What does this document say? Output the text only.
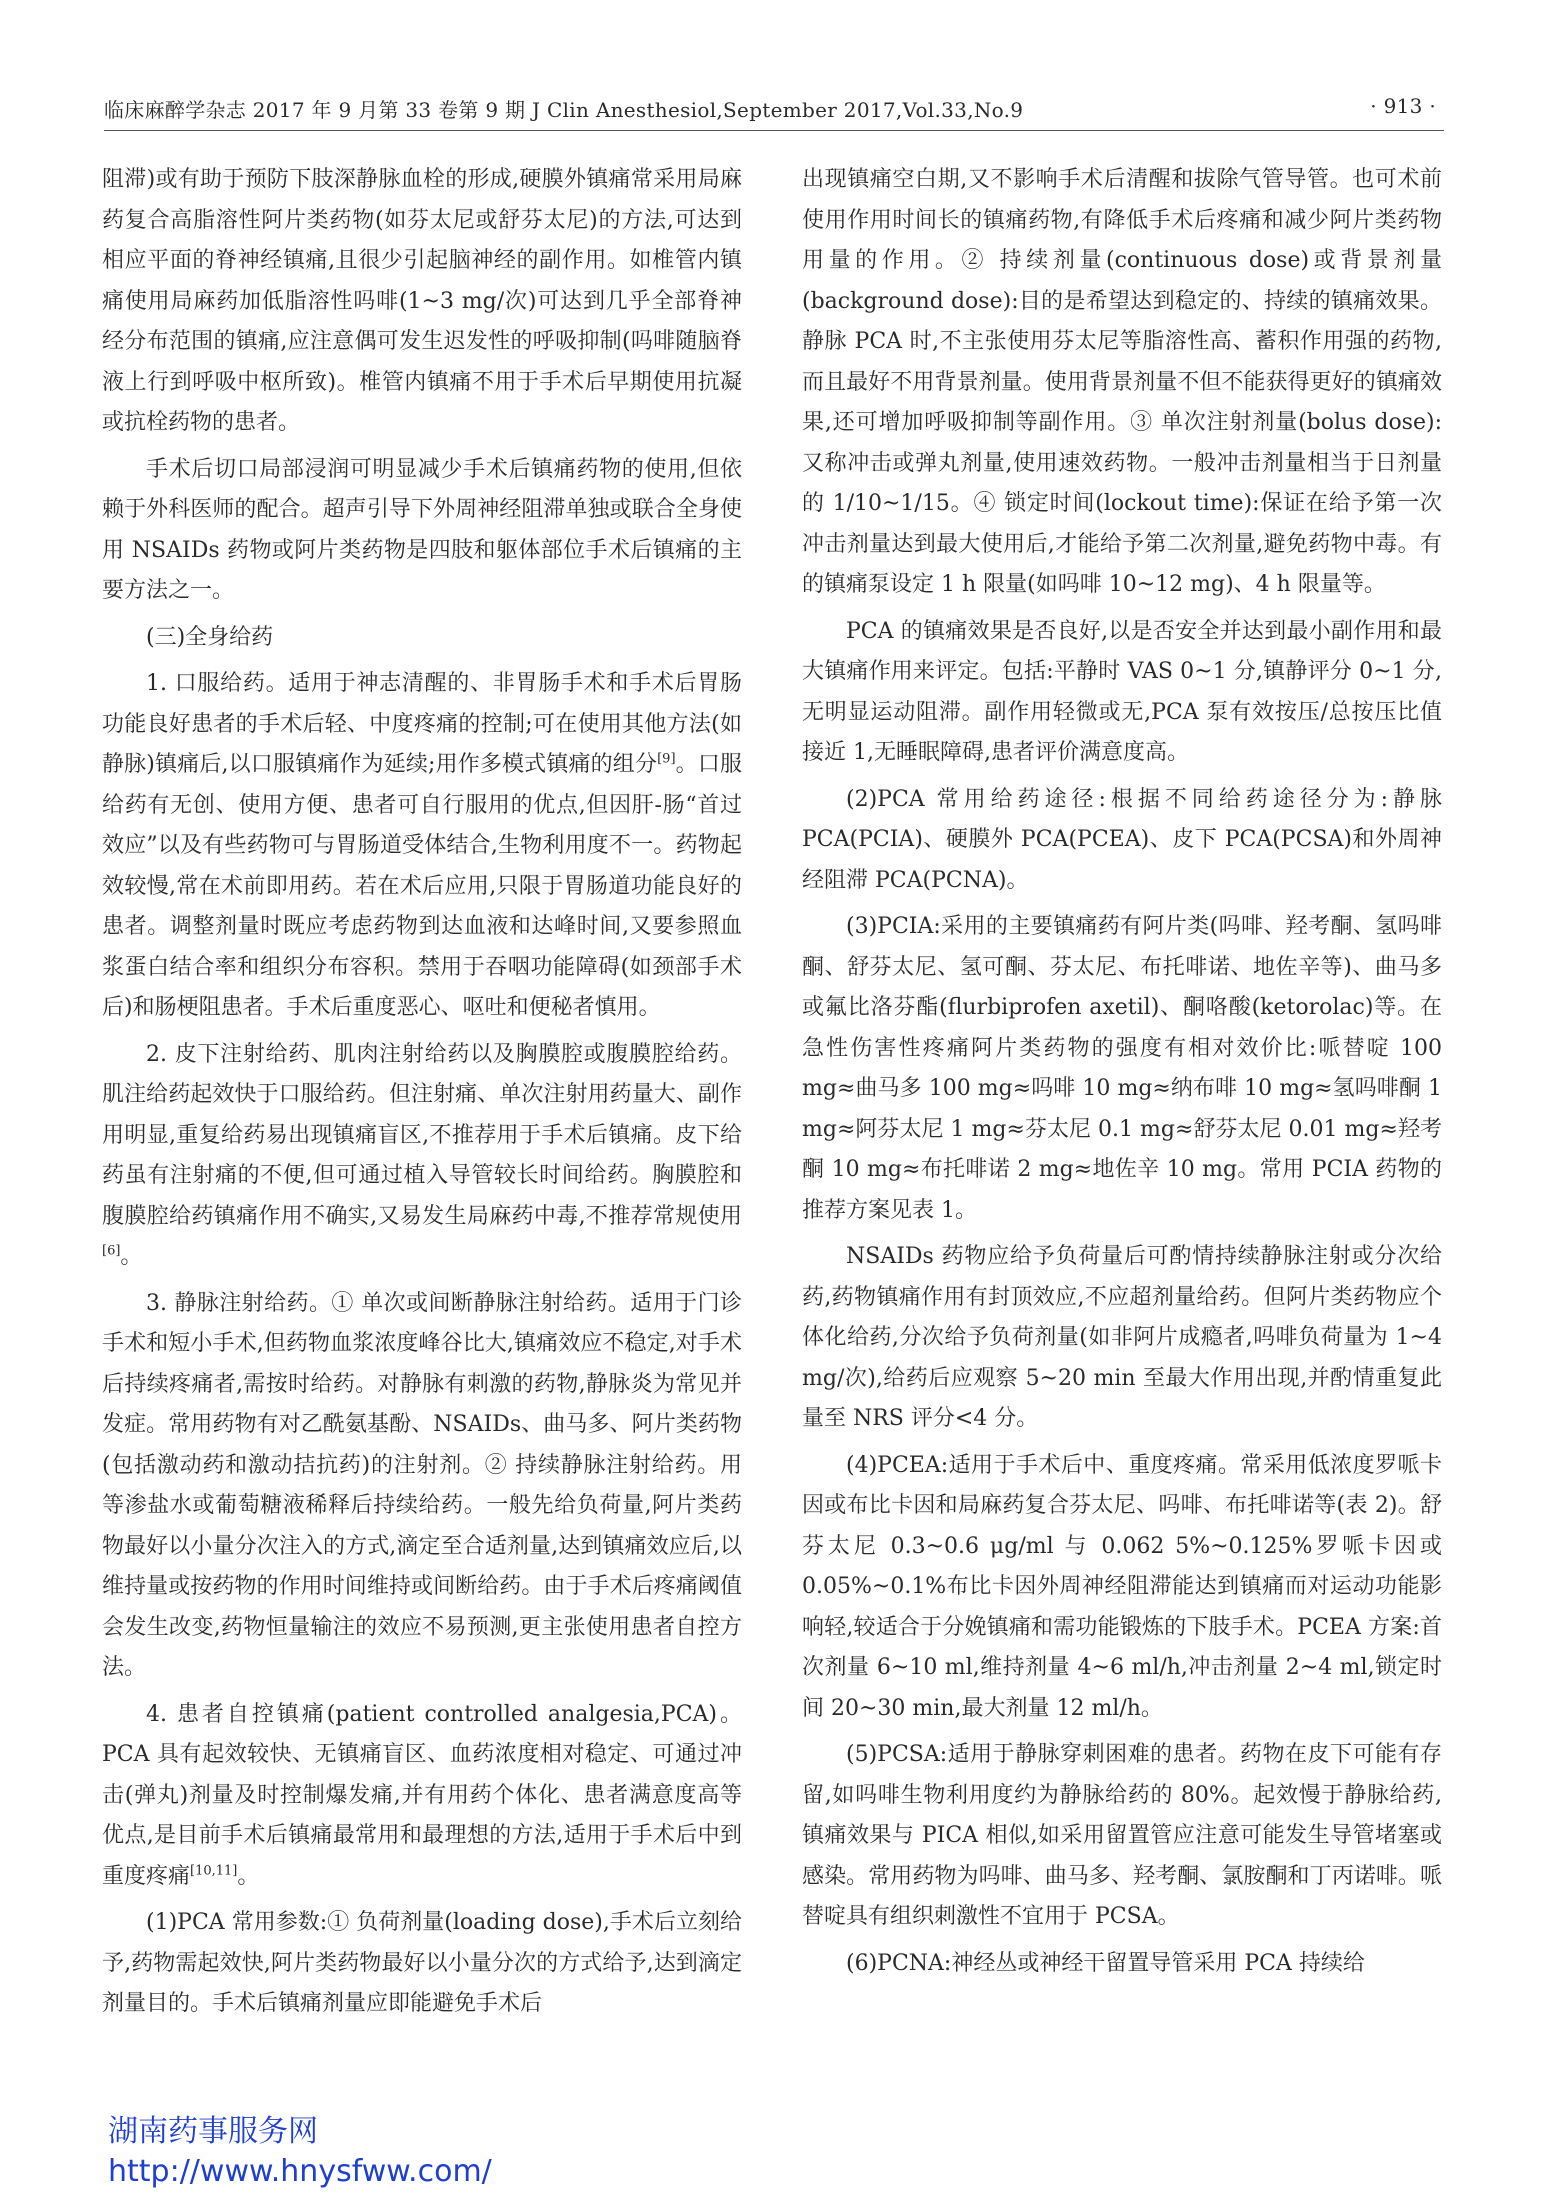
临床麻醉学杂志 2017 年 9 月第 33 卷第 9 期 J Clin Anesthesiol,September 2017,Vol.33,No.9	· 913 ·

阻滞)或有助于预防下肢深静脉血栓的形成,硬膜外镇痛常采用局麻药复合高脂溶性阿片类药物(如芬太尼或舒芬太尼)的方法,可达到相应平面的脊神经镇痛,且很少引起脑神经的副作用。如椎管内镇痛使用局麻药加低脂溶性吗啡(1~3 mg/次)可达到几乎全部脊神经分布范围的镇痛,应注意偶可发生迟发性的呼吸抑制(吗啡随脑脊液上行到呼吸中枢所致)。椎管内镇痛不用于手术后早期使用抗凝或抗栓药物的患者。

手术后切口局部浸润可明显减少手术后镇痛药物的使用,但依赖于外科医师的配合。超声引导下外周神经阻滞单独或联合全身使用 NSAIDs 药物或阿片类药物是四肢和躯体部位手术后镇痛的主要方法之一。

(三)全身给药

1. 口服给药。适用于神志清醒的、非胃肠手术和手术后胃肠功能良好患者的手术后轻、中度疼痛的控制;可在使用其他方法(如静脉)镇痛后,以口服镇痛作为延续;用作多模式镇痛的组分[9]。口服给药有无创、使用方便、患者可自行服用的优点,但因肝-肠“首过效应”以及有些药物可与胃肠道受体结合,生物利用度不一。药物起效较慢,常在术前即用药。若在术后应用,只限于胃肠道功能良好的患者。调整剂量时既应考虑药物到达血液和达峰时间,又要参照血浆蛋白结合率和组织分布容积。禁用于吞咽功能障碍(如颈部手术后)和肠梗阻患者。手术后重度恶心、呕吐和便秘者慎用。

2. 皮下注射给药、肌肉注射给药以及胸膜腔或腹膜腔给药。肌注给药起效快于口服给药。但注射痛、单次注射用药量大、副作用明显,重复给药易出现镇痛盲区,不推荐用于手术后镇痛。皮下给药虽有注射痛的不便,但可通过植入导管较长时间给药。胸膜腔和腹膜腔给药镇痛作用不确实,又易发生局麻药中毒,不推荐常规使用[6]。

3. 静脉注射给药。① 单次或间断静脉注射给药。适用于门诊手术和短小手术,但药物血浆浓度峰谷比大,镇痛效应不稳定,对手术后持续疼痛者,需按时给药。对静脉有刺激的药物,静脉炎为常见并发症。常用药物有对乙酰氨基酚、NSAIDs、曲马多、阿片类药物(包括激动药和激动拮抗药)的注射剂。② 持续静脉注射给药。用等渗盐水或葡萄糖液稀释后持续给药。一般先给负荷量,阿片类药物最好以小量分次注入的方式,滴定至合适剂量,达到镇痛效应后,以维持量或按药物的作用时间维持或间断给药。由于手术后疼痛阈值会发生改变,药物恒量输注的效应不易预测,更主张使用患者自控方法。

4. 患者自控镇痛(patient controlled analgesia,PCA)。PCA 具有起效较快、无镇痛盲区、血药浓度相对稳定、可通过冲击(弹丸)剂量及时控制爆发痛,并有用药个体化、患者满意度高等优点,是目前手术后镇痛最常用和最理想的方法,适用于手术后中到重度疼痛[10,11]。

(1)PCA 常用参数:① 负荷剂量(loading dose),手术后立刻给予,药物需起效快,阿片类药物最好以小量分次的方式给予,达到滴定剂量目的。手术后镇痛剂量应即能避免手术后

出现镇痛空白期,又不影响手术后清醒和拔除气管导管。也可术前使用作用时间长的镇痛药物,有降低手术后疼痛和减少阿片类药物用量的作用。② 持续剂量(continuous dose)或背景剂量(background dose):目的是希望达到稳定的、持续的镇痛效果。静脉 PCA 时,不主张使用芬太尼等脂溶性高、蓄积作用强的药物,而且最好不用背景剂量。使用背景剂量不但不能获得更好的镇痛效果,还可增加呼吸抑制等副作用。③ 单次注射剂量(bolus dose):又称冲击或弹丸剂量,使用速效药物。一般冲击剂量相当于日剂量的 1/10~1/15。④ 锁定时间(lockout time):保证在给予第一次冲击剂量达到最大使用后,才能给予第二次剂量,避免药物中毒。有的镇痛泵设定 1 h 限量(如吗啡 10~12 mg)、4 h 限量等。

PCA 的镇痛效果是否良好,以是否安全并达到最小副作用和最大镇痛作用来评定。包括:平静时 VAS 0~1 分,镇静评分 0~1 分,无明显运动阻滞。副作用轻微或无,PCA 泵有效按压/总按压比值接近 1,无睡眠障碍,患者评价满意度高。

(2)PCA 常用给药途径:根据不同给药途径分为:静脉 PCA(PCIA)、硬膜外 PCA(PCEA)、皮下 PCA(PCSA)和外周神经阻滞 PCA(PCNA)。

(3)PCIA:采用的主要镇痛药有阿片类(吗啡、羟考酮、氢吗啡酮、舒芬太尼、氢可酮、芬太尼、布托啡诺、地佐辛等)、曲马多或氟比洛芬酯(flurbiprofen axetil)、酮咯酸(ketorolac)等。在急性伤害性疼痛阿片类药物的强度有相对效价比:哌替啶 100 mg≈曲马多 100 mg≈吗啡 10 mg≈纳布啡 10 mg≈氢吗啡酮 1 mg≈阿芬太尼 1 mg≈芬太尼 0.1 mg≈舒芬太尼 0.01 mg≈羟考酮 10 mg≈布托啡诺 2 mg≈地佐辛 10 mg。常用 PCIA 药物的推荐方案见表 1。

NSAIDs 药物应给予负荷量后可酌情持续静脉注射或分次给药,药物镇痛作用有封顶效应,不应超剂量给药。但阿片类药物应个体化给药,分次给予负荷剂量(如非阿片成瘾者,吗啡负荷量为 1~4 mg/次),给药后应观察 5~20 min 至最大作用出现,并酌情重复此量至 NRS 评分<4 分。

(4)PCEA:适用于手术后中、重度疼痛。常采用低浓度罗哌卡因或布比卡因和局麻药复合芬太尼、吗啡、布托啡诺等(表 2)。舒芬太尼 0.3~0.6 μg/ml 与 0.062 5%~0.125%罗哌卡因或 0.05%~0.1%布比卡因外周神经阻滞能达到镇痛而对运动功能影响轻,较适合于分娩镇痛和需功能锻炼的下肢手术。PCEA 方案:首次剂量 6~10 ml,维持剂量 4~6 ml/h,冲击剂量 2~4 ml,锁定时间 20~30 min,最大剂量 12 ml/h。

(5)PCSA:适用于静脉穿刺困难的患者。药物在皮下可能有存留,如吗啡生物利用度约为静脉给药的 80%。起效慢于静脉给药,镇痛效果与 PICA 相似,如采用留置管应注意可能发生导管堵塞或感染。常用药物为吗啡、曲马多、羟考酮、氯胺酮和丁丙诺啡。哌替啶具有组织刺激性不宜用于 PCSA。

(6)PCNA:神经丛或神经干留置导管采用 PCA 持续给

湖南药事服务网
http://www.hnysfww.com/
